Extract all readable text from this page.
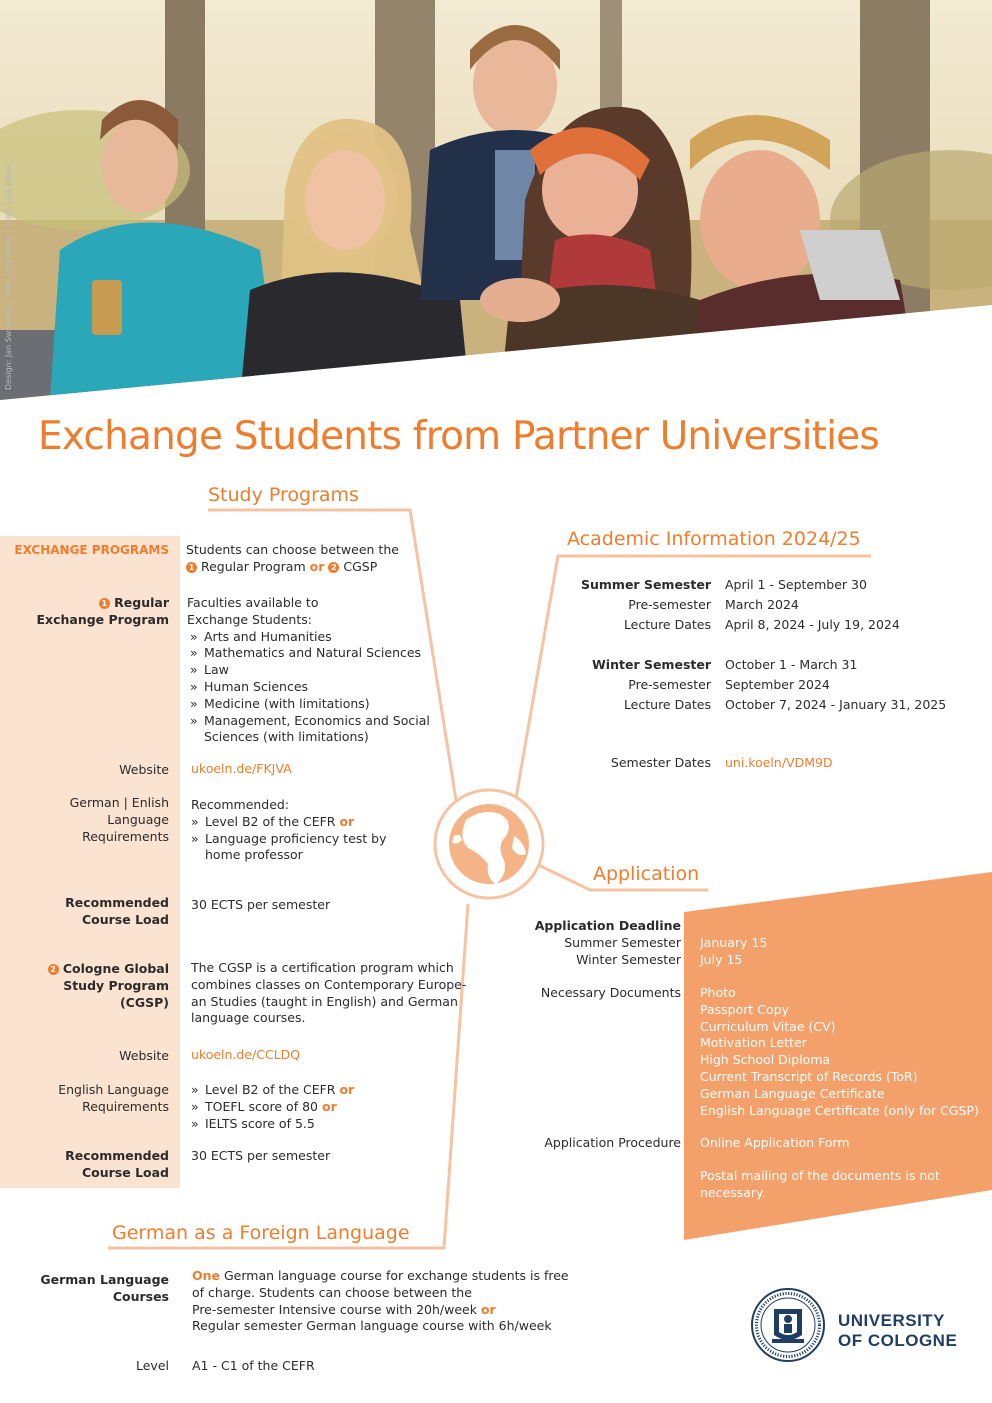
Design: Jan Swoboda | Titel: Lisa Beller | Foto: Lisa Beller
Exchange Students from Partner Universities
Study Programs
EXCHANGE PROGRAMS Students can choose between the
1 Regular Program or 2 CGSP
1 Regular
Exchange Program
Faculties available to
Exchange Students:
» Arts and Humanities
» Mathematics and Natural Sciences
» Law
» Human Sciences
» Medicine (with limitations)
» Management, Economics and Social
Sciences (with limitations)
Website ukoeln.de/FKJVA
German | Enlish
Language
Requirements
Recommended:
» Level B2 of the CEFR or
» Language proficiency test by
home professor
Recommended
Course Load
30 ECTS per semester
2 Cologne Global
Study Program
(CGSP)
The CGSP is a certification program which
combines classes on Contemporary Europe-
an Studies (taught in English) and German
language courses.
Website ukoeln.de/CCLDQ
English Language
Requirements
» Level B2 of the CEFR or
» TOEFL score of 80 or
» IELTS score of 5.5
Recommended
Course Load
30 ECTS per semester
Academic Information 2024/25
Summer Semester
Pre-semester
Lecture Dates
April 1 - September 30
March 2024
April 8, 2024 - July 19, 2024
Winter Semester
Pre-semester
Lecture Dates
October 1 - March 31
September 2024
October 7, 2024 - January 31, 2025
Semester Dates uni.koeln/VDM9D
Application
Application Deadline
Summer Semester
Winter Semester
January 15
July 15
Necessary Documents Photo
Passport Copy
Curriculum Vitae (CV)
Motivation Letter
High School Diploma
Current Transcript of Records (ToR)
German Language Certificate
English Language Certificate (only for CGSP)
Application Procedure Online Application Form
Postal mailing of the documents is not
necessary.
German as a Foreign Language
German Language
Courses
One German language course for exchange students is free
of charge. Students can choose between the
Pre-semester Intensive course with 20h/week or
Regular semester German language course with 6h/week
Level A1 - C1 of the CEFR
UNIVERSITY
OF COLOGNE
